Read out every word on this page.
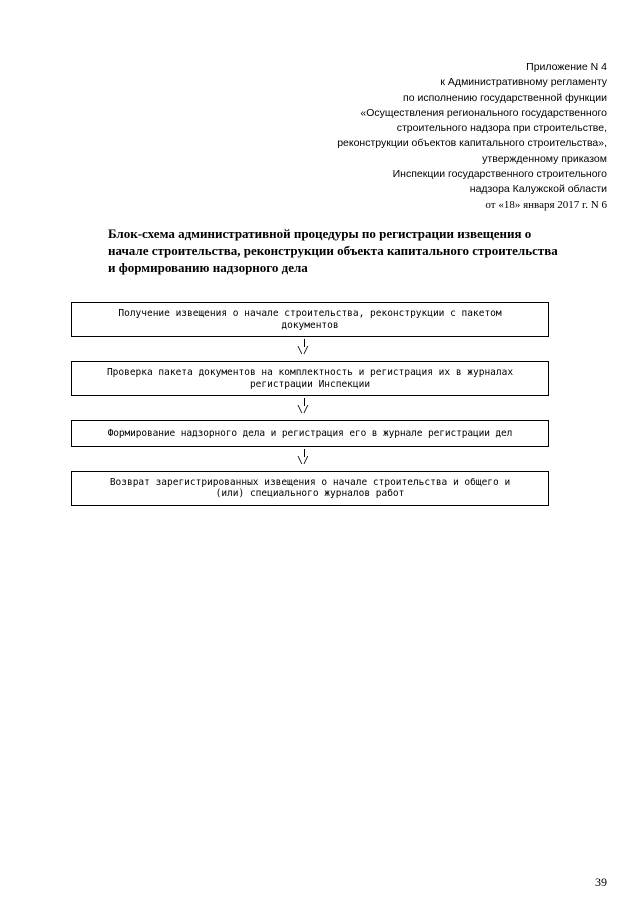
Приложение N 4
к Административному регламенту
по исполнению государственной функции
«Осуществления регионального государственного
строительного надзора при строительстве,
реконструкции объектов капитального строительства»,
утвержденному приказом
Инспекции государственного строительного
надзора Калужской области
от «18» января 2017 г. N 6
Блок-схема административной процедуры по регистрации извещения о
начале строительства, реконструкции объекта капитального строительства
и формированию надзорного дела
Получение извещения о начале строительства, реконструкции с пакетом
документов
\/
Проверка пакета документов на комплектность и регистрация их в журналах
регистрации Инспекции
\/
Формирование надзорного дела и регистрация его в журнале регистрации дел
\/
Возврат зарегистрированных извещения о начале строительства и общего и
(или) специального журналов работ
39
